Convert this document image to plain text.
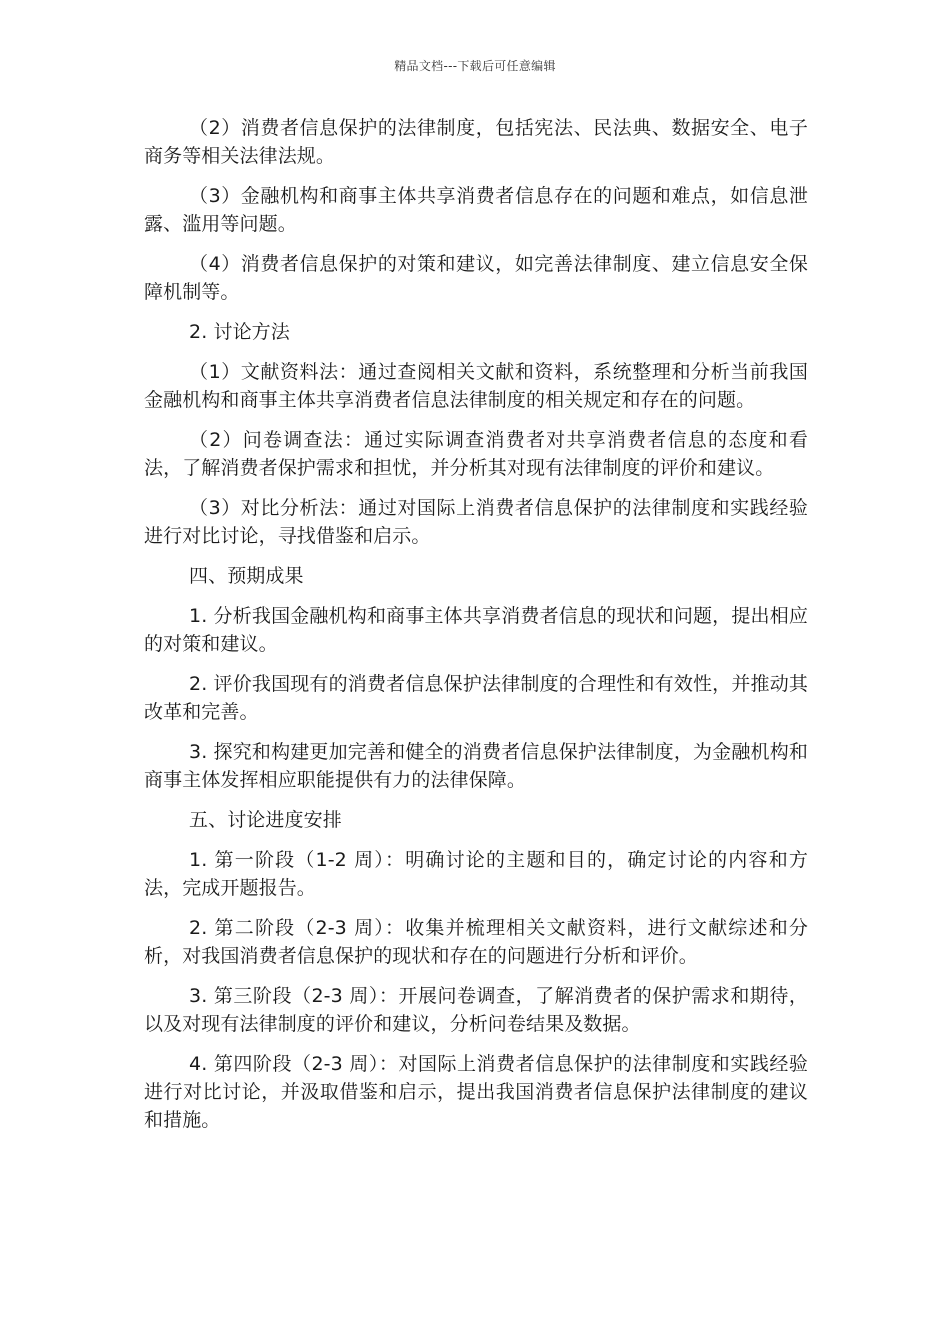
精品文档---下载后可任意编辑

（2）消费者信息保护的法律制度，包括宪法、民法典、数据安全、电子商务等相关法律法规。

（3）金融机构和商事主体共享消费者信息存在的问题和难点，如信息泄露、滥用等问题。

（4）消费者信息保护的对策和建议，如完善法律制度、建立信息安全保障机制等。

2. 讨论方法

（1）文献资料法：通过查阅相关文献和资料，系统整理和分析当前我国金融机构和商事主体共享消费者信息法律制度的相关规定和存在的问题。

（2）问卷调查法：通过实际调查消费者对共享消费者信息的态度和看法，了解消费者保护需求和担忧，并分析其对现有法律制度的评价和建议。

（3）对比分析法：通过对国际上消费者信息保护的法律制度和实践经验进行对比讨论，寻找借鉴和启示。

四、预期成果

1. 分析我国金融机构和商事主体共享消费者信息的现状和问题，提出相应的对策和建议。

2. 评价我国现有的消费者信息保护法律制度的合理性和有效性，并推动其改革和完善。

3. 探究和构建更加完善和健全的消费者信息保护法律制度，为金融机构和商事主体发挥相应职能提供有力的法律保障。

五、讨论进度安排

1. 第一阶段（1-2 周）：明确讨论的主题和目的，确定讨论的内容和方法，完成开题报告。

2. 第二阶段（2-3 周）：收集并梳理相关文献资料，进行文献综述和分析，对我国消费者信息保护的现状和存在的问题进行分析和评价。

3. 第三阶段（2-3 周）：开展问卷调查，了解消费者的保护需求和期待，以及对现有法律制度的评价和建议，分析问卷结果及数据。

4. 第四阶段（2-3 周）：对国际上消费者信息保护的法律制度和实践经验进行对比讨论，并汲取借鉴和启示，提出我国消费者信息保护法律制度的建议和措施。
